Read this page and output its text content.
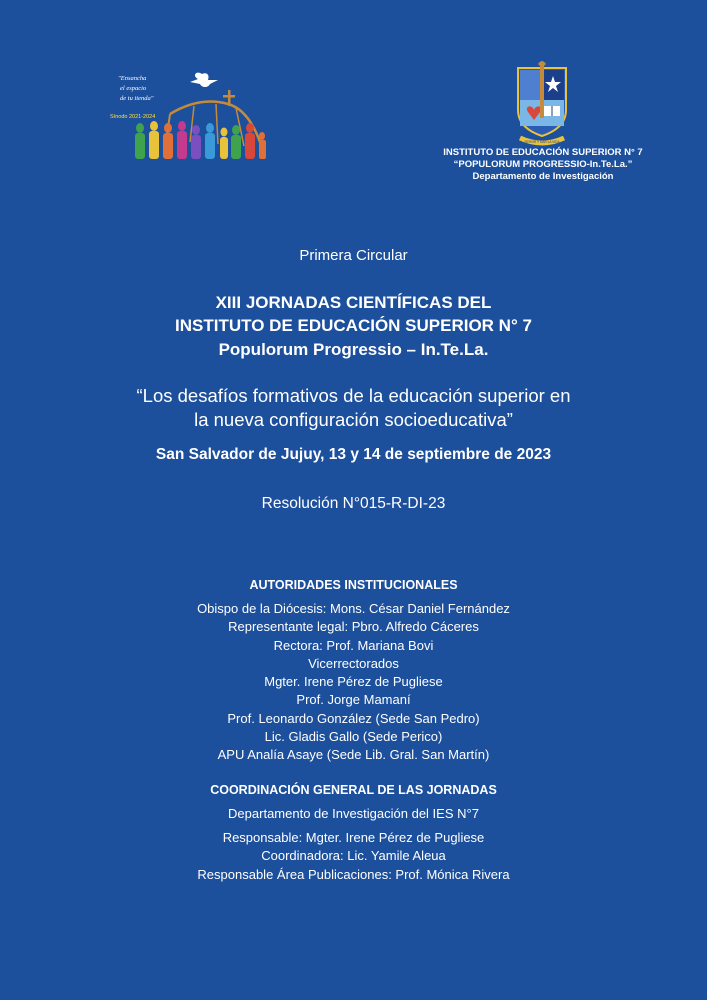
"Ensancha
el espacio
de tu tienda"
Sínodo 2021-2024
SERVIR Y DAR LA VIDA
INSTITUTO DE EDUCACIÓN SUPERIOR N° 7
“POPULORUM PROGRESSIO-In.Te.La.”
Departamento de Investigación
Primera Circular
XIII JORNADAS CIENTÍFICAS DEL
INSTITUTO DE EDUCACIÓN SUPERIOR N° 7
Populorum Progressio – In.Te.La.
“Los desafíos formativos de la educación superior en
la nueva configuración socioeducativa”
San Salvador de Jujuy, 13 y 14 de septiembre de 2023
Resolución N°015-R-DI-23
AUTORIDADES INSTITUCIONALES
Obispo de la Diócesis: Mons. César Daniel Fernández
Representante legal: Pbro. Alfredo Cáceres
Rectora: Prof. Mariana Bovi
Vicerrectorados
Mgter. Irene Pérez de Pugliese
Prof. Jorge Mamaní
Prof. Leonardo González (Sede San Pedro)
Lic. Gladis Gallo (Sede Perico)
APU Analía Asaye (Sede Lib. Gral. San Martín)
COORDINACIÓN GENERAL DE LAS JORNADAS
Departamento de Investigación del IES N°7
Responsable: Mgter. Irene Pérez de Pugliese
Coordinadora: Lic. Yamile Aleua
Responsable Área Publicaciones: Prof. Mónica Rivera
